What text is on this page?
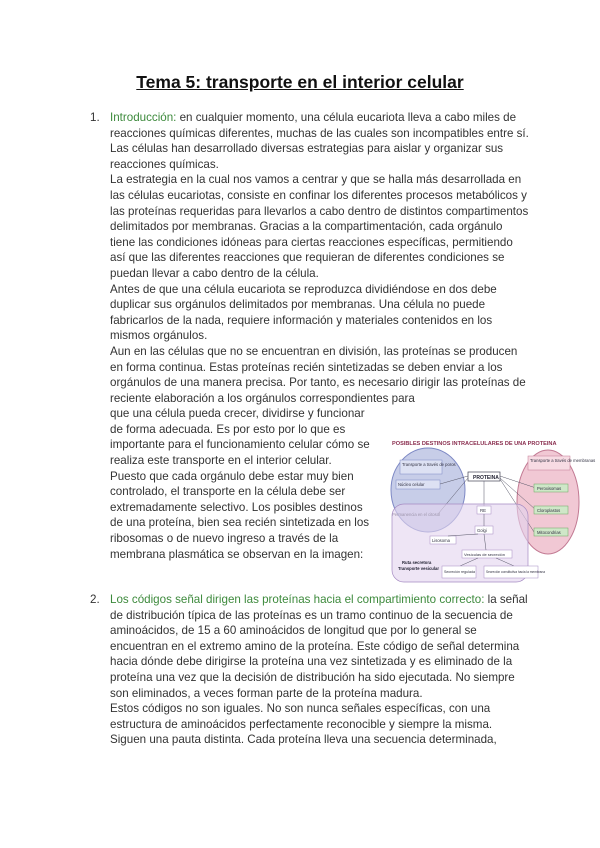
Tema 5: transporte en el interior celular
1. Introducción: en cualquier momento, una célula eucariota lleva a cabo miles de reacciones químicas diferentes, muchas de las cuales son incompatibles entre sí. Las células han desarrollado diversas estrategias para aislar y organizar sus reacciones químicas.

La estrategia en la cual nos vamos a centrar y que se halla más desarrollada en las células eucariotas, consiste en confinar los diferentes procesos metabólicos y las proteínas requeridas para llevarlos a cabo dentro de distintos compartimentos delimitados por membranas. Gracias a la compartimentación, cada orgánulo tiene las condiciones idóneas para ciertas reacciones específicas, permitiendo así que las diferentes reacciones que requieran de diferentes condiciones se puedan llevar a cabo dentro de la célula.

Antes de que una célula eucariota se reproduzca dividiéndose en dos debe duplicar sus orgánulos delimitados por membranas. Una célula no puede fabricarlos de la nada, requiere información y materiales contenidos en los mismos orgánulos.

Aun en las células que no se encuentran en división, las proteínas se producen en forma continua. Estas proteínas recién sintetizadas se deben enviar a los orgánulos de una manera precisa. Por tanto, es necesario dirigir las proteínas de reciente elaboración a los orgánulos correspondientes para

que una célula pueda crecer, dividirse y funcionar de forma adecuada. Es por esto por lo que es importante para el funcionamiento celular cómo se realiza este transporte en el interior celular. Puesto que cada orgánulo debe estar muy bien controlado, el transporte en la célula debe ser extremadamente selectivo. Los posibles destinos de una proteína, bien sea recién sintetizada en los ribosomas o de nuevo ingreso a través de la membrana plasmática se observan en la imagen:

POSIBLES DESTINOS INTRACELULARES DE UNA PROTEINA
Transporte a través de poros
Núcleo celular
PROTEINA
Transporte a través de membranas
Peroxisomas
Cloroplastos
Mitocondrias
RE
Golgi
Lisosoma
Vesículas de secreción
Ruta secretora
Transporte vesicular
Secreción regulada	Secreción constitutiva hacia la membrana
2. Los códigos señal dirigen las proteínas hacia el compartimiento correcto: la señal de distribución típica de las proteínas es un tramo continuo de la secuencia de aminoácidos, de 15 a 60 aminoácidos de longitud que por lo general se encuentran en el extremo amino de la proteína. Este código de señal determina hacia dónde debe dirigirse la proteína una vez sintetizada y es eliminado de la proteína una vez que la decisión de distribución ha sido ejecutada. No siempre son eliminados, a veces forman parte de la proteína madura.

Estos códigos no son iguales. No son nunca señales específicas, con una estructura de aminoácidos perfectamente reconocible y siempre la misma. Siguen una pauta distinta. Cada proteína lleva una secuencia determinada,
